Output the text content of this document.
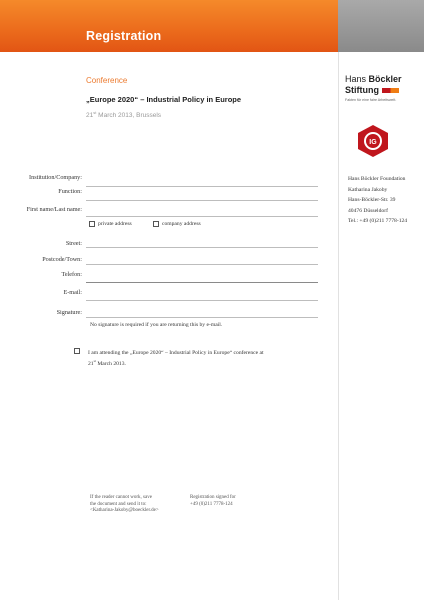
Registration
Conference
„Europe 2020“ – Industrial Policy in Europe
21st March 2013, Brussels
Hans Böckler
Stiftung
Fakten für eine faire Arbeitswelt.
IG
Hans Böckler Foundation
Katharina Jakoby
Hans-Böckler-Str. 39
40476 Düsseldorf
Tel.: +49 (0)211 7778-124
Institution/Company:
Function:
First name/Last name:
private address	company address
Street:
Postcode/Town:
Telefon:
E-mail:
Signature:
No signature is required if you are returning this by e-mail.
I am attending the „Europe 2020“ – Industrial Policy in Europe“ conference at
21st March 2013.
If the reader cannot work, save
the document and send it to:
<Katharina-Jakoby@boeckler.de>
Registration signed for
+49 (0)211 7778-124
